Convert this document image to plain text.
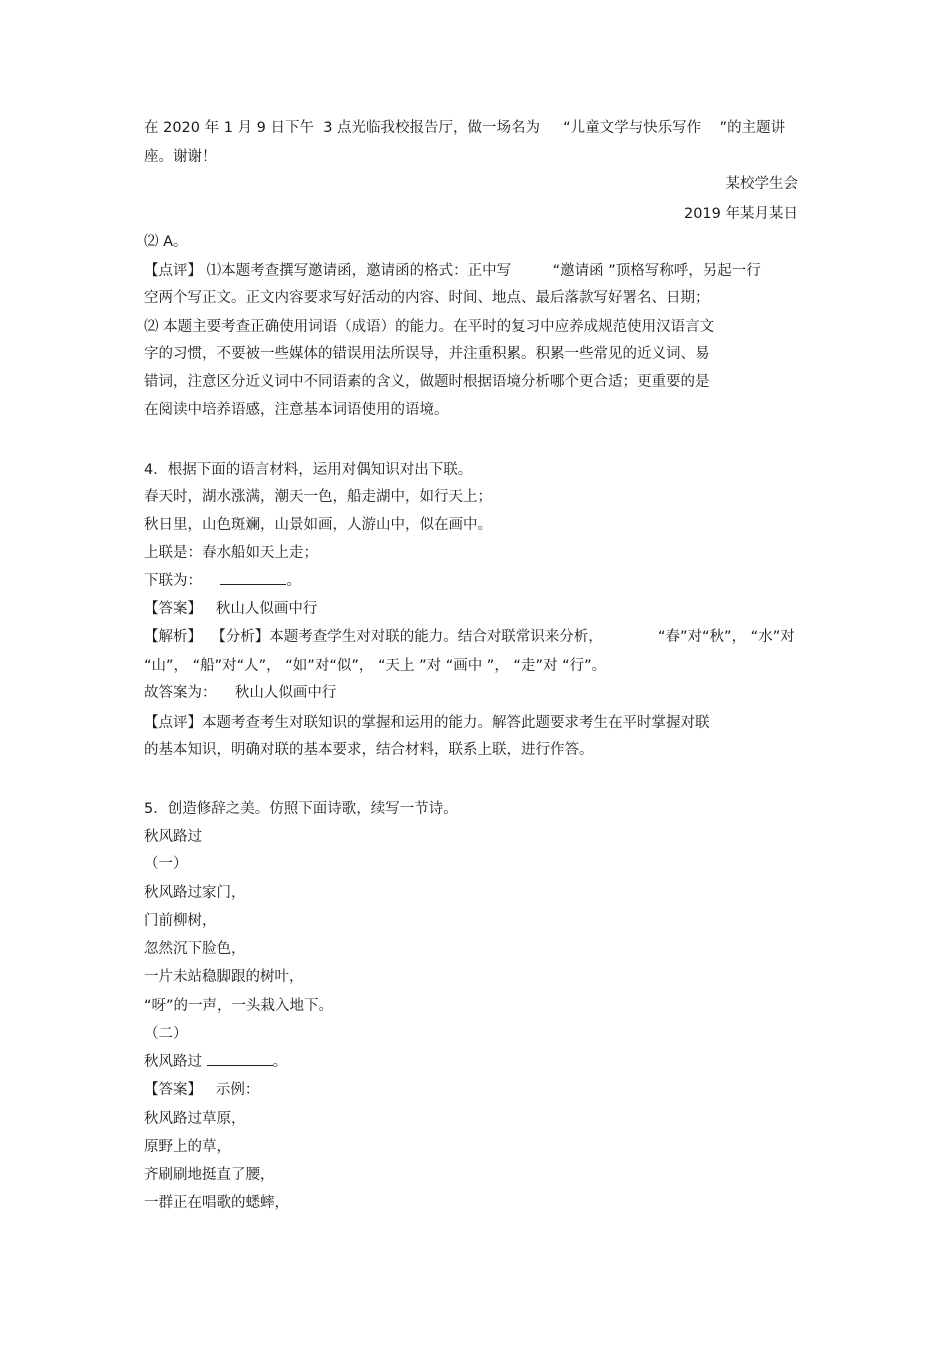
在 2020 年 1 月 9 日下午  3 点光临我校报告厅，做一场名为     “儿童文学与快乐写作    ”的主题讲
座。谢谢！
某校学生会
2019 年某月某日
⑵ A。
【点评】 ⑴本题考查撰写邀请函，邀请函的格式：正中写         “邀请函 ”顶格写称呼，另起一行
空两个写正文。正文内容要求写好活动的内容、时间、地点、最后落款写好署名、日期；
⑵ 本题主要考查正确使用词语（成语）的能力。在平时的复习中应养成规范使用汉语言文
字的习惯，不要被一些媒体的错误用法所误导，并注重积累。积累一些常见的近义词、易
错词，注意区分近义词中不同语素的含义，做题时根据语境分析哪个更合适；更重要的是
在阅读中培养语感，注意基本词语使用的语境。
4．根据下面的语言材料，运用对偶知识对出下联。
春天时，湖水涨满，潮天一色，船走湖中，如行天上；
秋日里，山色斑斓，山景如画，人游山中，似在画中。
上联是：春水船如天上走；
下联为：	。
【答案】   秋山人似画中行
【解析】  【分析】本题考查学生对对联的能力。结合对联常识来分析，            “春”对“秋”， “水”对
“山”， “船”对“人”， “如”对“似”， “天上 ”对 “画中 ”， “走”对 “行”。
故答案为：    秋山人似画中行
【点评】本题考查考生对联知识的掌握和运用的能力。解答此题要求考生在平时掌握对联
的基本知识，明确对联的基本要求，结合材料，联系上联，进行作答。
5．创造修辞之美。仿照下面诗歌，续写一节诗。
秋风路过
（一）
秋风路过家门，
门前柳树，
忽然沉下脸色，
一片未站稳脚跟的树叶，
“呀”的一声，一头栽入地下。
（二）
秋风路过	。
【答案】   示例：
秋风路过草原，
原野上的草，
齐刷刷地挺直了腰，
一群正在唱歌的蟋蟀，
